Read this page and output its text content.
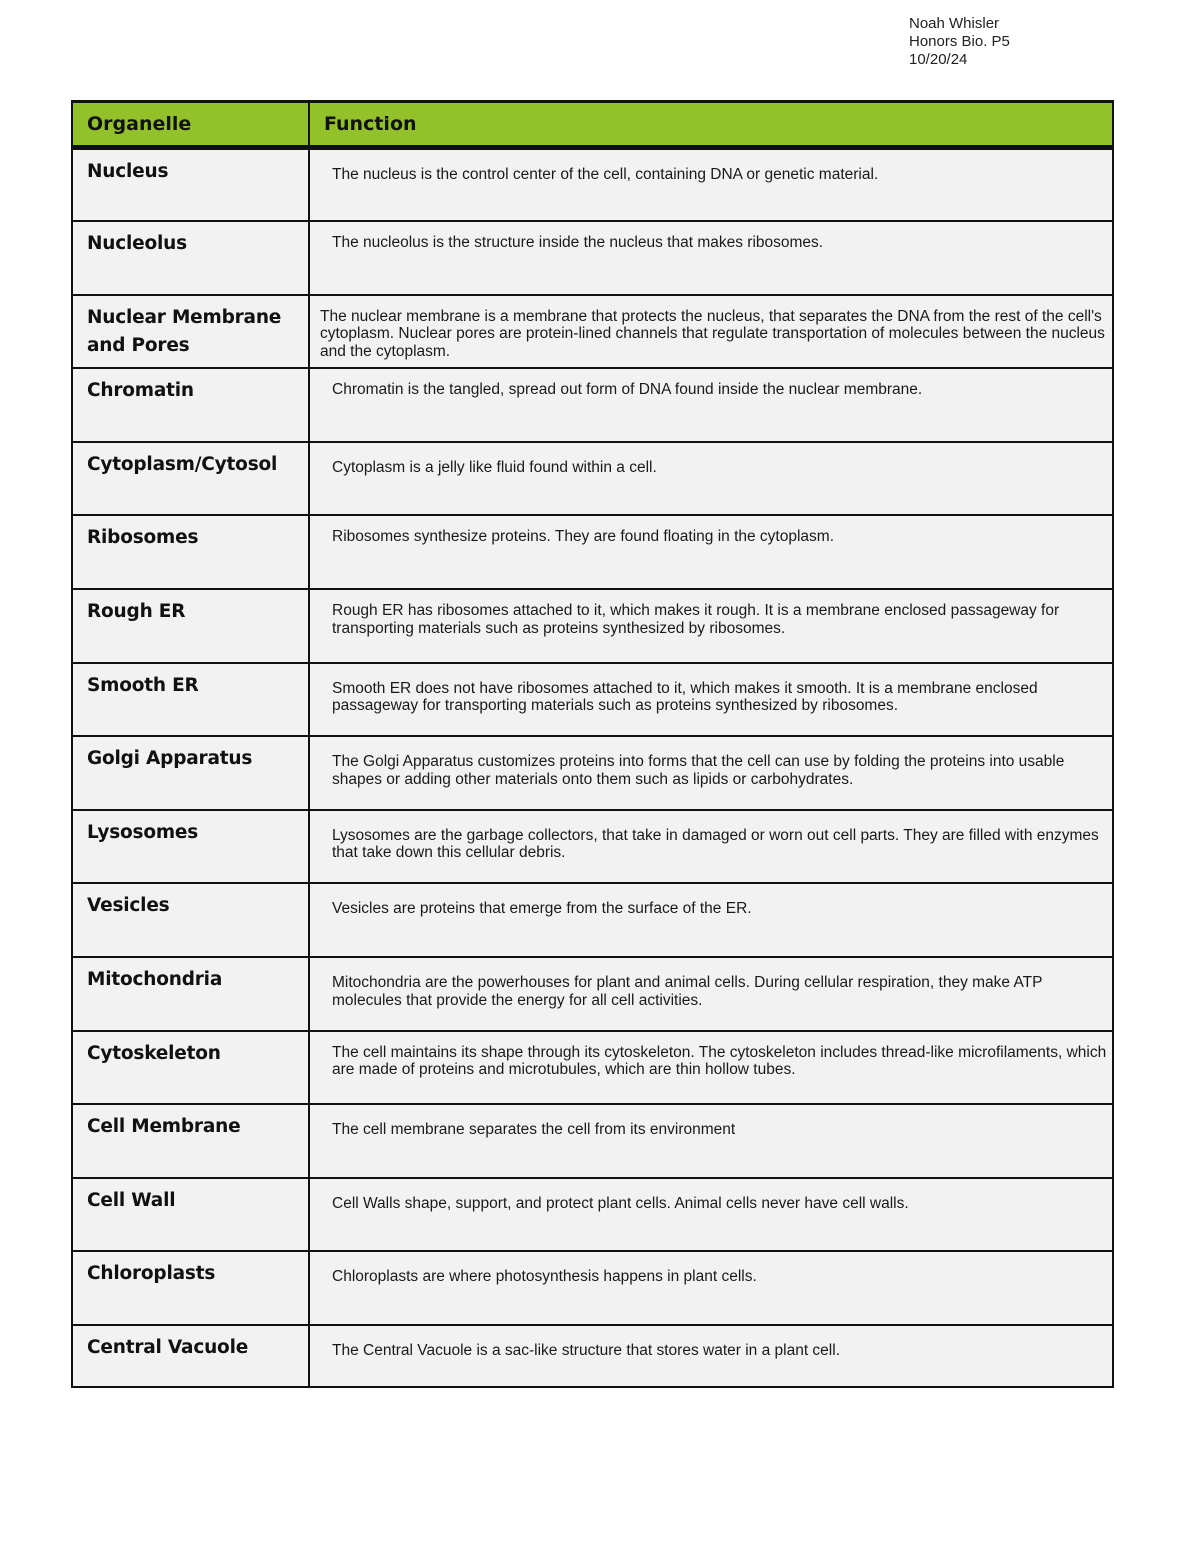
Noah Whisler
Honors Bio. P5
10/20/24
Organelle	Function
Nucleus	The nucleus is the control center of the cell, containing DNA or genetic material.
Nucleolus	The nucleolus is the structure inside the nucleus that makes ribosomes.
Nuclear Membrane and Pores	The nuclear membrane is a membrane that protects the nucleus, that separates the DNA from the rest of the cell's cytoplasm. Nuclear pores are protein-lined channels that regulate transportation of molecules between the nucleus and the cytoplasm.
Chromatin	Chromatin is the tangled, spread out form of DNA found inside the nuclear membrane.
Cytoplasm/Cytosol	Cytoplasm is a jelly like fluid found within a cell.
Ribosomes	Ribosomes synthesize proteins. They are found floating in the cytoplasm.
Rough ER	Rough ER has ribosomes attached to it, which makes it rough. It is a membrane enclosed passageway for transporting materials such as proteins synthesized by ribosomes.
Smooth ER	Smooth ER does not have ribosomes attached to it, which makes it smooth. It is a membrane enclosed passageway for transporting materials such as proteins synthesized by ribosomes.
Golgi Apparatus	The Golgi Apparatus customizes proteins into forms that the cell can use by folding the proteins into usable shapes or adding other materials onto them such as lipids or carbohydrates.
Lysosomes	Lysosomes are the garbage collectors, that take in damaged or worn out cell parts. They are filled with enzymes that take down this cellular debris.
Vesicles	Vesicles are proteins that emerge from the surface of the ER.
Mitochondria	Mitochondria are the powerhouses for plant and animal cells. During cellular respiration, they make ATP molecules that provide the energy for all cell activities.
Cytoskeleton	The cell maintains its shape through its cytoskeleton. The cytoskeleton includes thread-like microfilaments, which are made of proteins and microtubules, which are thin hollow tubes.
Cell Membrane	The cell membrane separates the cell from its environment
Cell Wall	Cell Walls shape, support, and protect plant cells. Animal cells never have cell walls.
Chloroplasts	Chloroplasts are where photosynthesis happens in plant cells.
Central Vacuole	The Central Vacuole is a sac-like structure that stores water in a plant cell.
